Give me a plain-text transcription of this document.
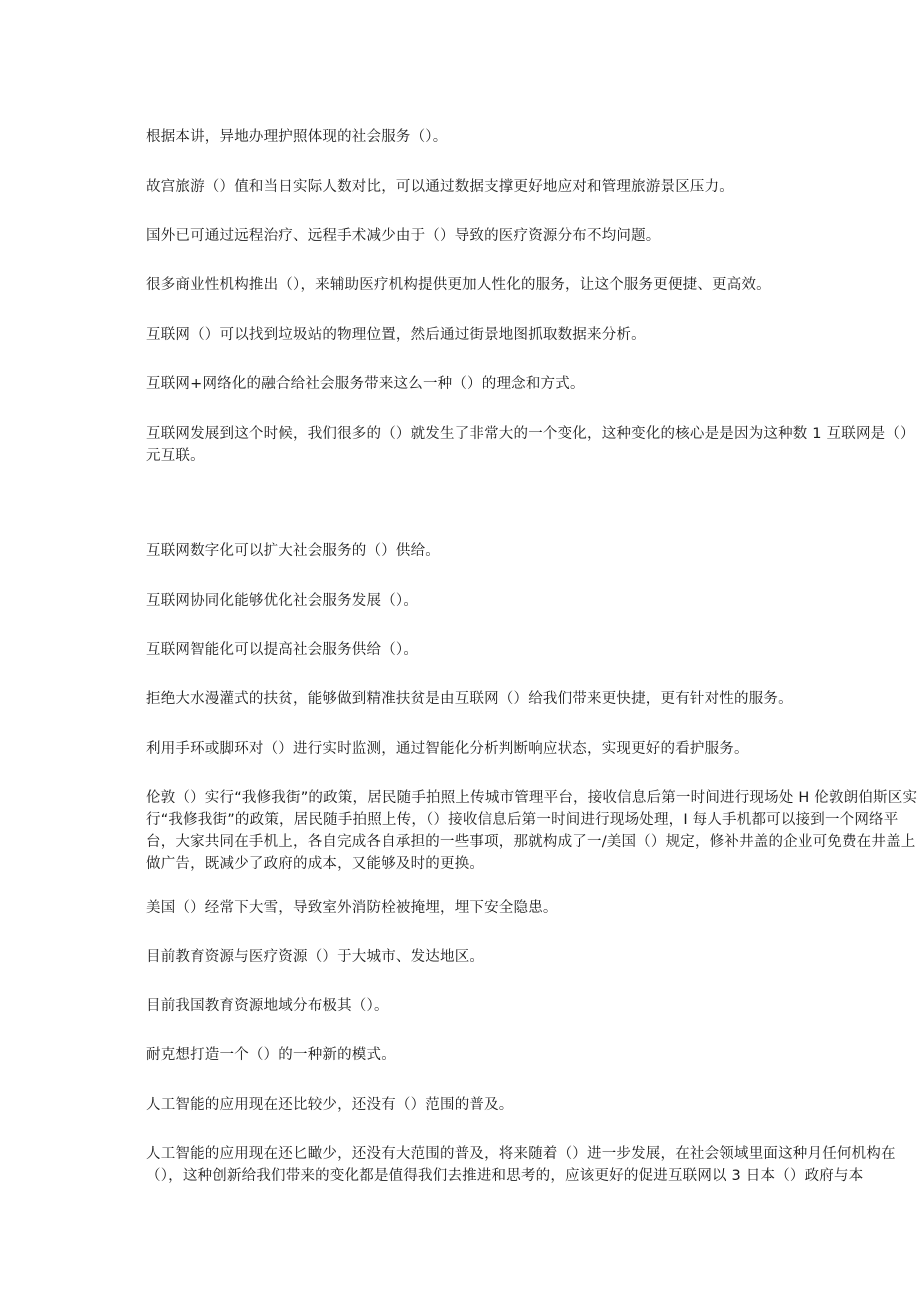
根据本讲，异地办理护照体现的社会服务（）。
故宫旅游（）值和当日实际人数对比，可以通过数据支撑更好地应对和管理旅游景区压力。
国外已可通过远程治疗、远程手术减少由于（）导致的医疗资源分布不均问题。
很多商业性机构推出（），来辅助医疗机构提供更加人性化的服务，让这个服务更便捷、更高效。
互联网（）可以找到垃圾站的物理位置，然后通过街景地图抓取数据来分析。
互联网+网络化的融合给社会服务带来这么一种（）的理念和方式。
互联网发展到这个时候，我们很多的（）就发生了非常大的一个变化，这种变化的核心是是因为这种数 1 互联网是（）元互联。
互联网数字化可以扩大社会服务的（）供给。
互联网协同化能够优化社会服务发展（）。
互联网智能化可以提高社会服务供给（）。
拒绝大水漫灌式的扶贫，能够做到精准扶贫是由互联网（）给我们带来更快捷，更有针对性的服务。
利用手环或脚环对（）进行实时监测，通过智能化分析判断响应状态，实现更好的看护服务。
伦敦（）实行“我修我街”的政策，居民随手拍照上传城市管理平台，接收信息后第一时间进行现场处 H 伦敦朗伯斯区实行“我修我街”的政策，居民随手拍照上传，（）接收信息后第一时间进行现场处理，I 每人手机都可以接到一个网络平台，大家共同在手机上，各自完成各自承担的一些事项，那就构成了一/美国（）规定，修补井盖的企业可免费在井盖上做广告，既减少了政府的成本，又能够及时的更换。
美国（）经常下大雪，导致室外消防栓被掩埋，埋下安全隐患。
目前教育资源与医疗资源（）于大城市、发达地区。
目前我国教育资源地域分布极其（）。
耐克想打造一个（）的一种新的模式。
人工智能的应用现在还比较少，还没有（）范围的普及。
人工智能的应用现在还匕瞰少，还没有大范围的普及，将来随着（）进一步发展，在社会领域里面这种月任何机构在（），这种创新给我们带来的变化都是值得我们去推进和思考的，应该更好的促进互联网以 3 日本（）政府与本
